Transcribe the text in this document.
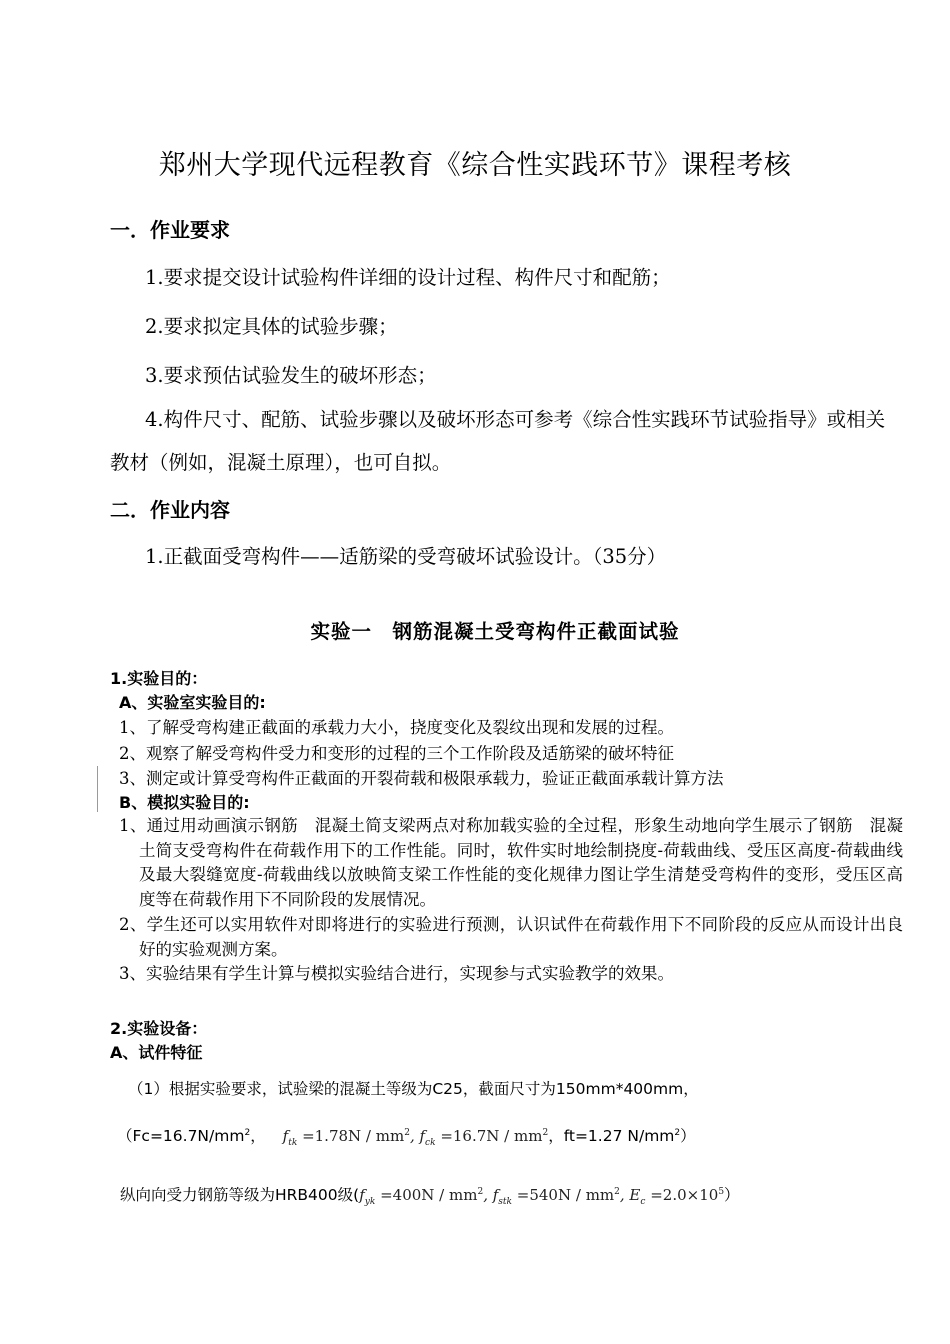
郑州大学现代远程教育《综合性实践环节》课程考核
一．作业要求
1.要求提交设计试验构件详细的设计过程、构件尺寸和配筋；
2.要求拟定具体的试验步骤；
3.要求预估试验发生的破坏形态；
4.构件尺寸、配筋、试验步骤以及破坏形态可参考《综合性实践环节试验指导》或相关教材（例如，混凝土原理），也可自拟。
二．作业内容
1.正截面受弯构件——适筋梁的受弯破坏试验设计。（35分）
实验一　钢筋混凝土受弯构件正截面试验
1.实验目的：
A、实验室实验目的:
1、了解受弯构建正截面的承载力大小，挠度变化及裂纹出现和发展的过程。
2、观察了解受弯构件受力和变形的过程的三个工作阶段及适筋梁的破坏特征
3、测定或计算受弯构件正截面的开裂荷载和极限承载力，验证正截面承载计算方法
B、模拟实验目的:
1、通过用动画演示钢筋　混凝土简支梁两点对称加载实验的全过程，形象生动地向学生展示了钢筋　混凝土简支受弯构件在荷载作用下的工作性能。同时，软件实时地绘制挠度-荷载曲线、受压区高度-荷载曲线及最大裂缝宽度-荷载曲线以放映简支梁工作性能的变化规律力图让学生清楚受弯构件的变形，受压区高度等在荷载作用下不同阶段的发展情况。
2、学生还可以实用软件对即将进行的实验进行预测，认识试件在荷载作用下不同阶段的反应从而设计出良好的实验观测方案。
3、实验结果有学生计算与模拟实验结合进行，实现参与式实验教学的效果。
2.实验设备：
A、试件特征
（1）根据实验要求，试验梁的混凝土等级为C25，截面尺寸为150mm*400mm，
（$Fc=16.7N/mm^2$， $f_{tk} =1.78N / mm^2$, $f_{ck} =16.7N / mm^2$，ft=1.27 $N/mm^2$）
纵向向受力钢筋等级为HRB400级($f_{yk} =400N / mm^2$, $f_{stk} =540N / mm^2$, $E_c =2.0\times 10^5$）
